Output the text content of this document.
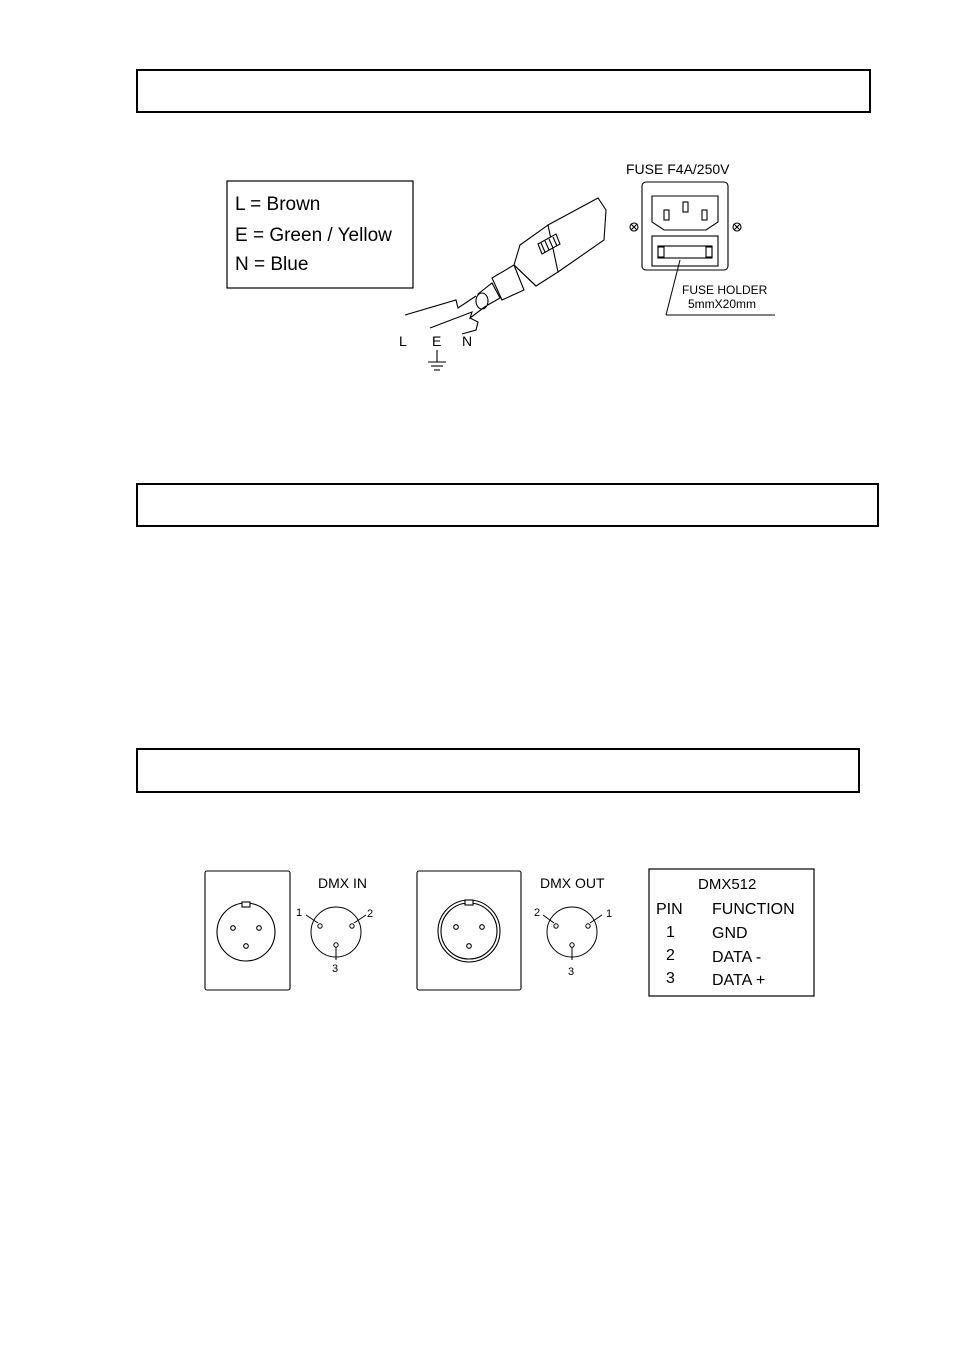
L = Brown
E = Green / Yellow
N = Blue
L E N
FUSE F4A/250V
FUSE HOLDER
5mmX20mm
DMX IN
1	2
3
DMX OUT
2	1
3
DMX512
PIN FUNCTION
1 GND
2 DATA -
3 DATA +
